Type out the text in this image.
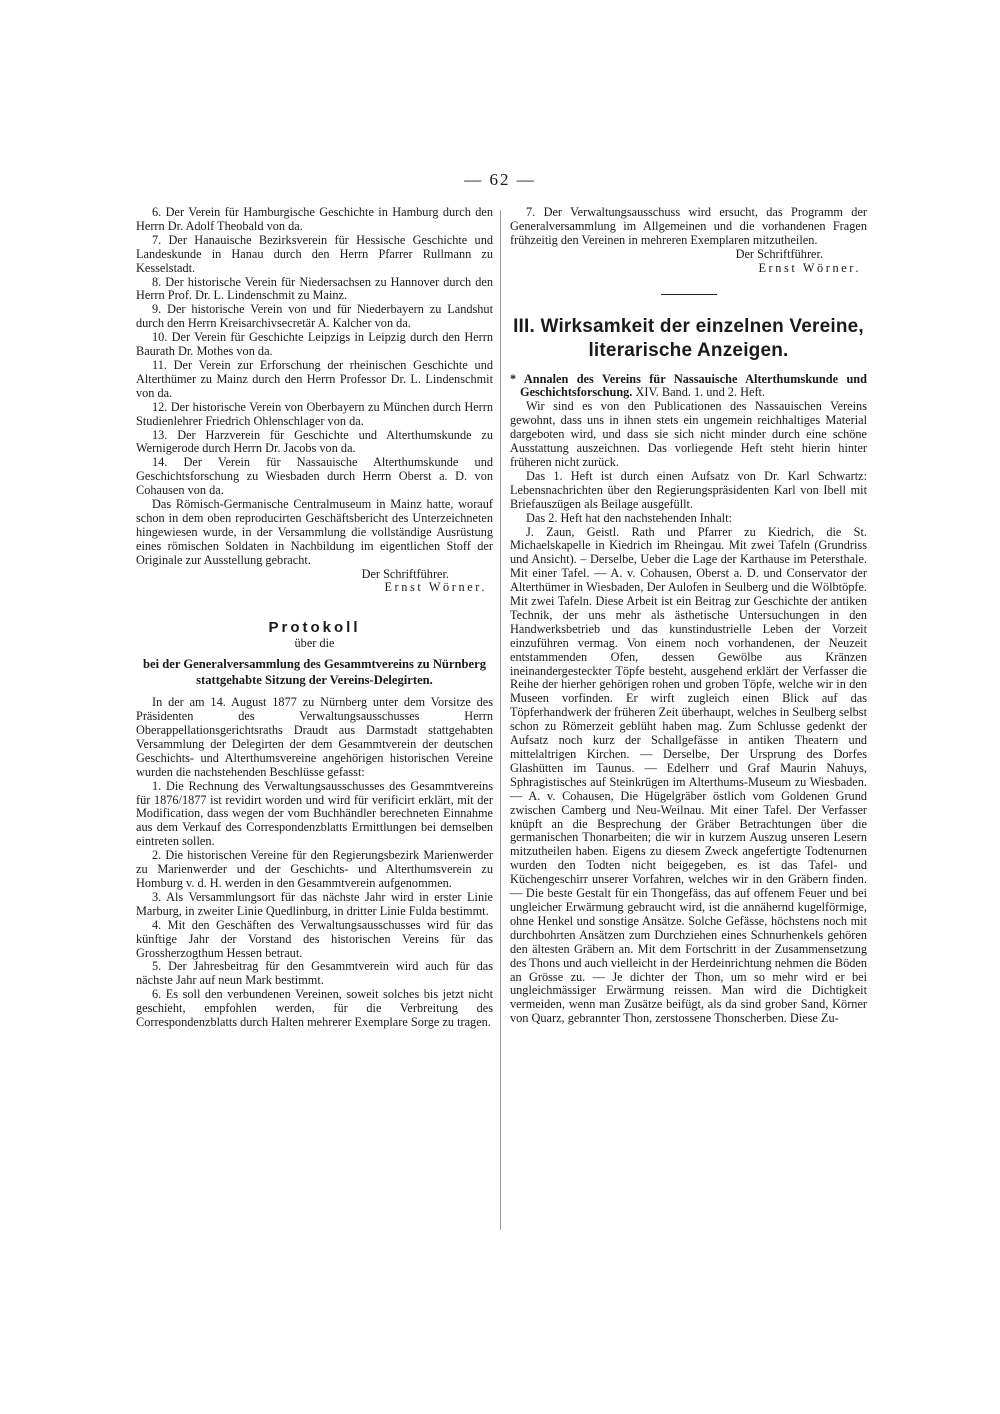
— 62 —

6. Der Verein für Hamburgische Geschichte in Hamburg durch den Herrn Dr. Adolf Theobald von da.

7. Der Hanauische Bezirksverein für Hessische Geschichte und Landeskunde in Hanau durch den Herrn Pfarrer Rullmann zu Kesselstadt.

8. Der historische Verein für Niedersachsen zu Hannover durch den Herrn Prof. Dr. L. Lindenschmit zu Mainz.

9. Der historische Verein von und für Niederbayern zu Landshut durch den Herrn Kreisarchivsecretär A. Kalcher von da.

10. Der Verein für Geschichte Leipzigs in Leipzig durch den Herrn Baurath Dr. Mothes von da.

11. Der Verein zur Erforschung der rheinischen Geschichte und Alterthümer zu Mainz durch den Herrn Professor Dr. L. Lindenschmit von da.

12. Der historische Verein von Oberbayern zu München durch Herrn Studienlehrer Friedrich Ohlenschlager von da.

13. Der Harzverein für Geschichte und Alterthumskunde zu Wernigerode durch Herrn Dr. Jacobs von da.

14. Der Verein für Nassauische Alterthumskunde und Geschichtsforschung zu Wiesbaden durch Herrn Oberst a. D. von Cohausen von da.

Das Römisch-Germanische Centralmuseum in Mainz hatte, worauf schon in dem oben reproducirten Geschäftsbericht des Unterzeichneten hingewiesen wurde, in der Versammlung die vollständige Ausrüstung eines römischen Soldaten in Nachbildung im eigentlichen Stoff der Originale zur Ausstellung gebracht.

Der Schriftführer.

Ernst Wörner.

Protokoll

über die

bei der Generalversammlung des Gesammtvereins zu Nürnberg stattgehabte Sitzung der Vereins-Delegirten.

In der am 14. August 1877 zu Nürnberg unter dem Vorsitze des Präsidenten des Verwaltungsausschusses Herrn Oberappellationsgerichtsraths Draudt aus Darmstadt stattgehabten Versammlung der Delegirten der dem Gesammtverein der deutschen Geschichts- und Alterthumsvereine angehörigen historischen Vereine wurden die nachstehenden Beschlüsse gefasst:

1. Die Rechnung des Verwaltungsausschusses des Gesammtvereins für 1876/1877 ist revidirt worden und wird für verificirt erklärt, mit der Modification, dass wegen der vom Buchhändler berechneten Einnahme aus dem Verkauf des Correspondenzblatts Ermittlungen bei demselben eintreten sollen.

2. Die historischen Vereine für den Regierungsbezirk Marienwerder zu Marienwerder und der Geschichts- und Alterthumsverein zu Homburg v. d. H. werden in den Gesammtverein aufgenommen.

3. Als Versammlungsort für das nächste Jahr wird in erster Linie Marburg, in zweiter Linie Quedlinburg, in dritter Linie Fulda bestimmt.

4. Mit den Geschäften des Verwaltungsausschusses wird für das künftige Jahr der Vorstand des historischen Vereins für das Grossherzogthum Hessen betraut.

5. Der Jahresbeitrag für den Gesammtverein wird auch für das nächste Jahr auf neun Mark bestimmt.

6. Es soll den verbundenen Vereinen, soweit solches bis jetzt nicht geschieht, empfohlen werden, für die Verbreitung des Correspondenzblatts durch Halten mehrerer Exemplare Sorge zu tragen.

7. Der Verwaltungsausschuss wird ersucht, das Programm der Generalversammlung im Allgemeinen und die vorhandenen Fragen frühzeitig den Vereinen in mehreren Exemplaren mitzutheilen.

Der Schriftführer.

Ernst Wörner.

III. Wirksamkeit der einzelnen Vereine, literarische Anzeigen.

* Annalen des Vereins für Nassauische Alterthumskunde und Geschichtsforschung. XIV. Band. 1. und 2. Heft.

Wir sind es von den Publicationen des Nassauischen Vereins gewohnt, dass uns in ihnen stets ein ungemein reichhaltiges Material dargeboten wird, und dass sie sich nicht minder durch eine schöne Ausstattung auszeichnen. Das vorliegende Heft steht hierin hinter früheren nicht zurück.

Das 1. Heft ist durch einen Aufsatz von Dr. Karl Schwartz: Lebensnachrichten über den Regierungspräsidenten Karl von Ibell mit Briefauszügen als Beilage ausgefüllt.

Das 2. Heft hat den nachstehenden Inhalt:

J. Zaun, Geistl. Rath und Pfarrer zu Kiedrich, die St. Michaelskapelle in Kiedrich im Rheingau. Mit zwei Tafeln (Grundriss und Ansicht). – Derselbe, Ueber die Lage der Karthause im Petersthale. Mit einer Tafel. — A. v. Cohausen, Oberst a. D. und Conservator der Alterthümer in Wiesbaden, Der Aulofen in Seulberg und die Wölbtöpfe. Mit zwei Tafeln. Diese Arbeit ist ein Beitrag zur Geschichte der antiken Technik, der uns mehr als ästhetische Untersuchungen in den Handwerksbetrieb und das kunstindustrielle Leben der Vorzeit einzuführen vermag. Von einem noch vorhandenen, der Neuzeit entstammenden Ofen, dessen Gewölbe aus Kränzen ineinandergesteckter Töpfe besteht, ausgehend erklärt der Verfasser die Reihe der hierher gehörigen rohen und groben Töpfe, welche wir in den Museen vorfinden. Er wirft zugleich einen Blick auf das Töpferhandwerk der früheren Zeit überhaupt, welches in Seulberg selbst schon zu Römerzeit geblüht haben mag. Zum Schlusse gedenkt der Aufsatz noch kurz der Schallgefässe in antiken Theatern und mittelaltrigen Kirchen. — Derselbe, Der Ursprung des Dorfes Glashütten im Taunus. — Edelherr und Graf Maurin Nahuys, Sphragistisches auf Steinkrügen im Alterthums-Museum zu Wiesbaden. — A. v. Cohausen, Die Hügelgräber östlich vom Goldenen Grund zwischen Camberg und Neu-Weilnau. Mit einer Tafel. Der Verfasser knüpft an die Besprechung der Gräber Betrachtungen über die germanischen Thonarbeiten; die wir in kurzem Auszug unseren Lesern mitzutheilen haben. Eigens zu diesem Zweck angefertigte Todtenurnen wurden den Todten nicht beigegeben, es ist das Tafel- und Küchengeschirr unserer Vorfahren, welches wir in den Gräbern finden. — Die beste Gestalt für ein Thongefäss, das auf offenem Feuer und bei ungleicher Erwärmung gebraucht wird, ist die annähernd kugelförmige, ohne Henkel und sonstige Ansätze. Solche Gefässe, höchstens noch mit durchbohrten Ansätzen zum Durchziehen eines Schnurhenkels gehören den ältesten Gräbern an. Mit dem Fortschritt in der Zusammensetzung des Thons und auch vielleicht in der Herdeinrichtung nehmen die Böden an Grösse zu. — Je dichter der Thon, um so mehr wird er bei ungleichmässiger Erwärmung reissen. Man wird die Dichtigkeit vermeiden, wenn man Zusätze beifügt, als da sind grober Sand, Körner von Quarz, gebrannter Thon, zerstossene Thonscherben. Diese Zu-
